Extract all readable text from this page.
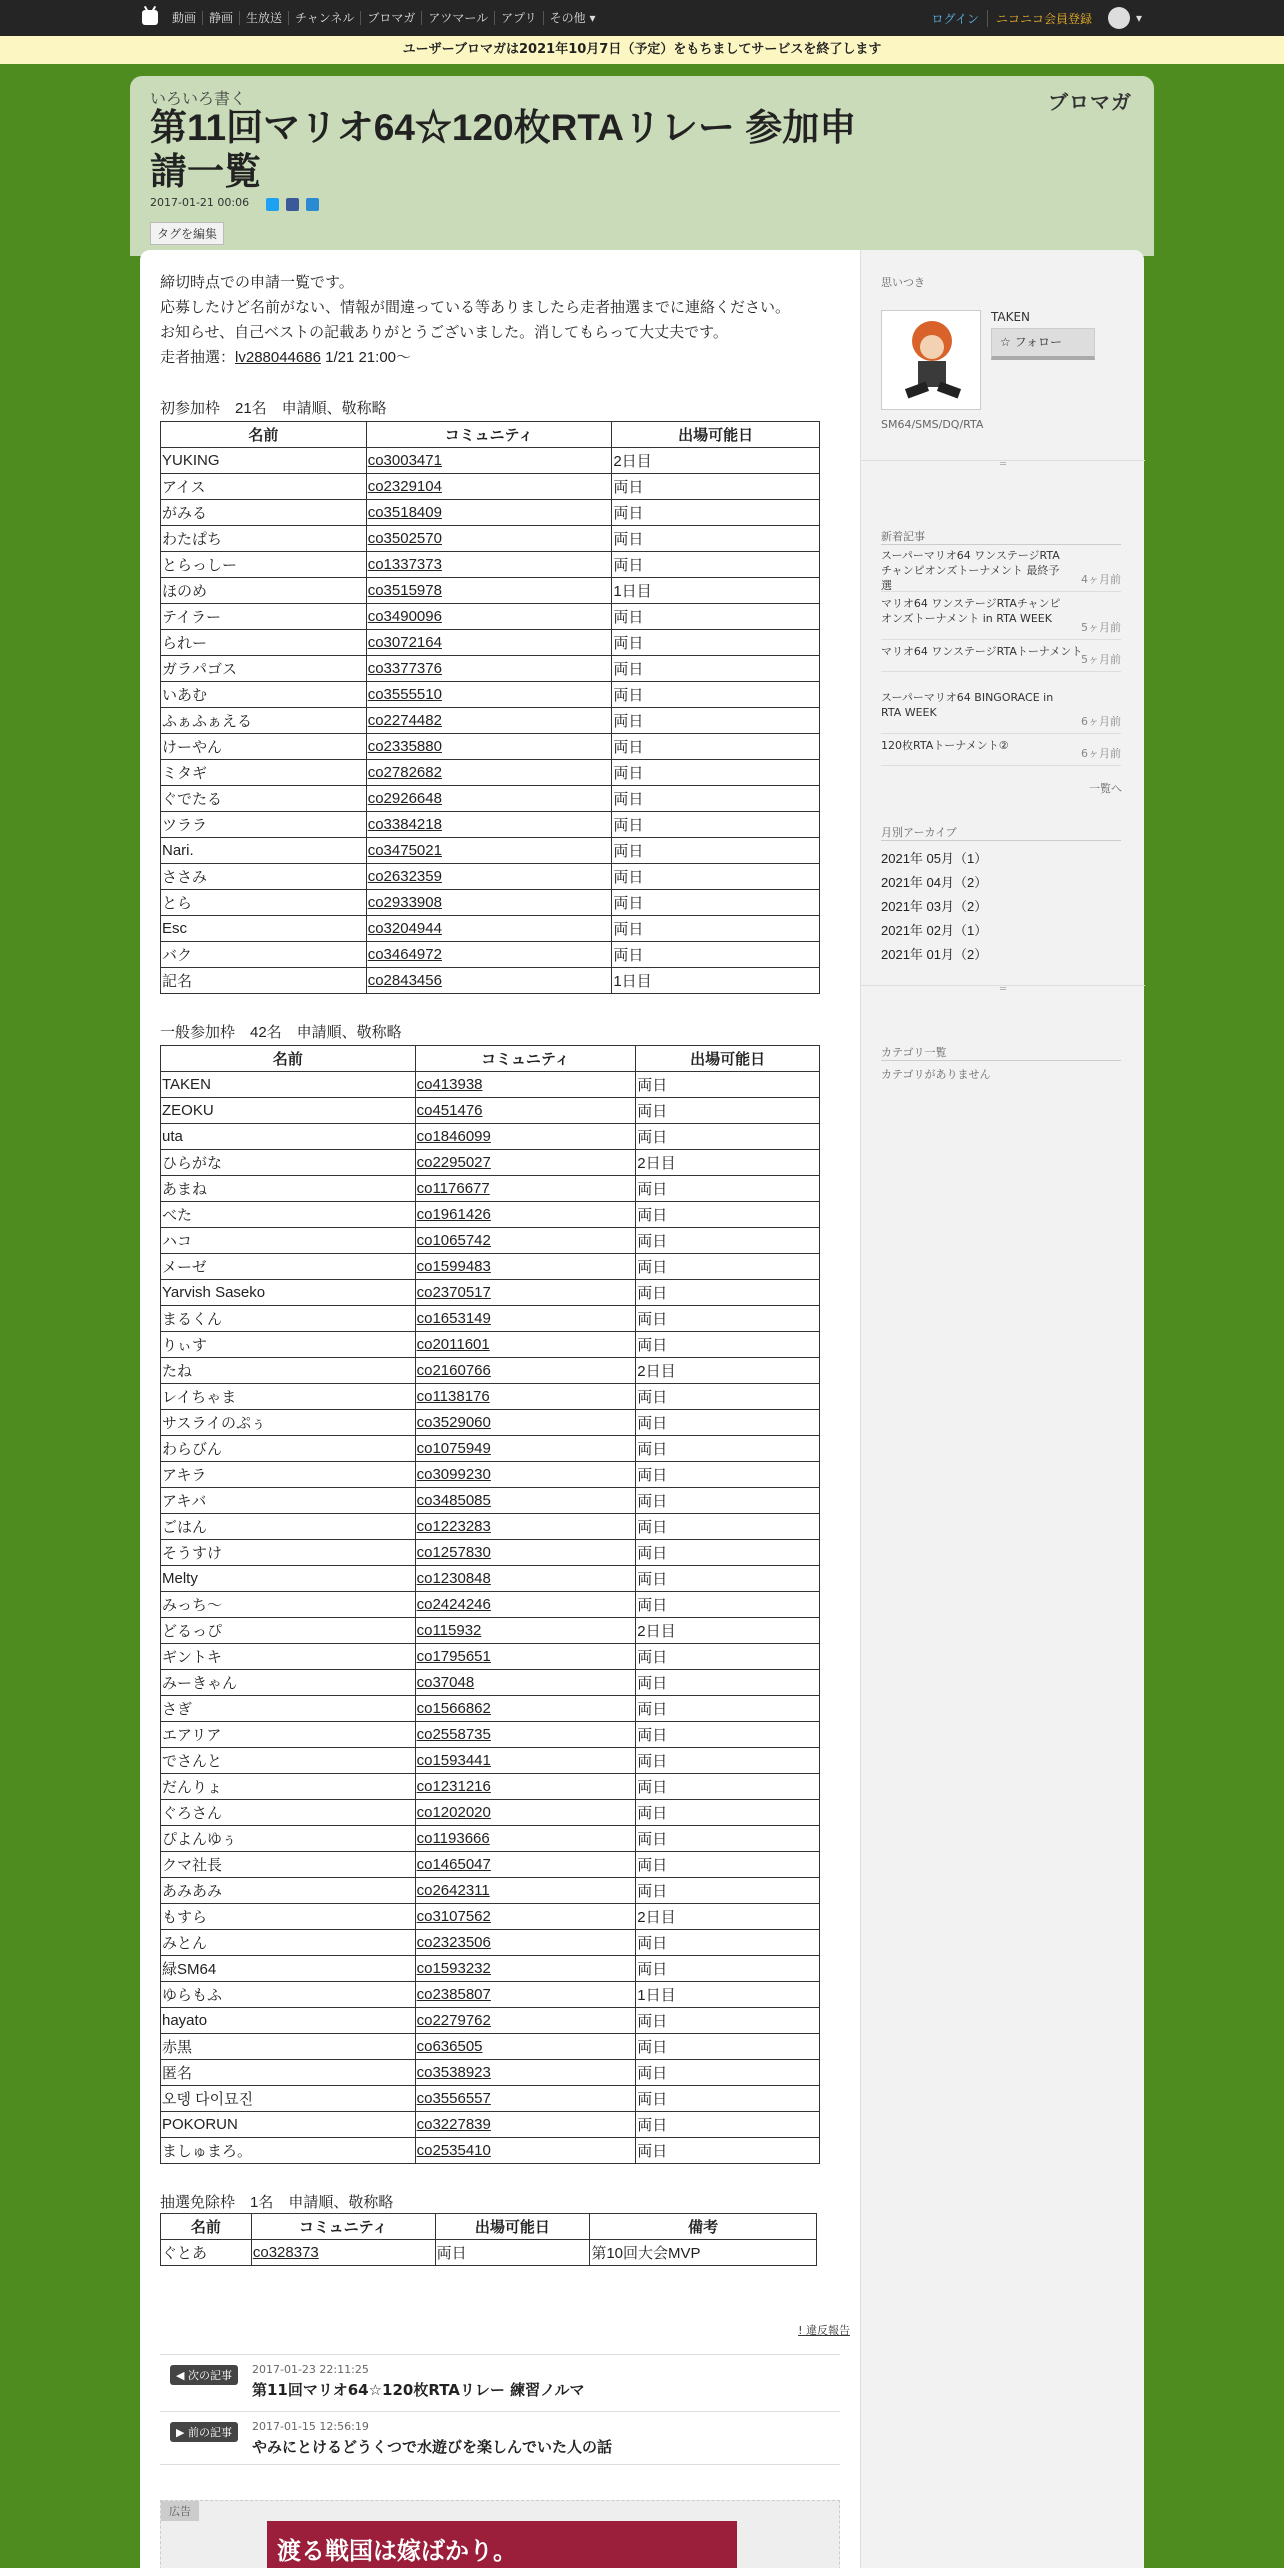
動画	静画	生放送	チャンネル	ブロマガ	アツマール	アプリ	その他 ▾	ログイン	ニコニコ会員登録	▾
ユーザーブロマガは2021年10月7日（予定）をもちましてサービスを終了します
いろいろ書く
第11回マリオ64☆120枚RTAリレー 参加申請一覧
2017-01-21 00:06
タグを編集
ブロマガ
締切時点での申請一覧です。
応募したけど名前がない、情報が間違っている等ありましたら走者抽選までに連絡ください。
お知らせ、自己ベストの記載ありがとうございました。消してもらって大丈夫です。
走者抽選：lv288044686 1/21 21:00～
初参加枠　21名　申請順、敬称略
名前	コミュニティ	出場可能日
YUKING	co3003471	2日目
アイス	co2329104	両日
がみる	co3518409	両日
わたぱち	co3502570	両日
とらっしー	co1337373	両日
ほのめ	co3515978	1日目
テイラー	co3490096	両日
られー	co3072164	両日
ガラパゴス	co3377376	両日
いあむ	co3555510	両日
ふぁふぁえる	co2274482	両日
けーやん	co2335880	両日
ミタギ	co2782682	両日
ぐでたる	co2926648	両日
ツララ	co3384218	両日
Nari.	co3475021	両日
ささみ	co2632359	両日
とら	co2933908	両日
Esc	co3204944	両日
バク	co3464972	両日
記名	co2843456	1日目
一般参加枠　42名　申請順、敬称略
名前	コミュニティ	出場可能日
TAKEN	co413938	両日
ZEOKU	co451476	両日
uta	co1846099	両日
ひらがな	co2295027	2日目
あまね	co1176677	両日
べた	co1961426	両日
ハコ	co1065742	両日
メーゼ	co1599483	両日
Yarvish Saseko	co2370517	両日
まるくん	co1653149	両日
りぃす	co2011601	両日
たね	co2160766	2日目
レイちゃま	co1138176	両日
サスライのぷぅ	co3529060	両日
わらびん	co1075949	両日
アキラ	co3099230	両日
アキバ	co3485085	両日
ごはん	co1223283	両日
そうすけ	co1257830	両日
Melty	co1230848	両日
みっち～	co2424246	両日
どるっぴ	co115932	2日目
ギントキ	co1795651	両日
みーきゃん	co37048	両日
さぎ	co1566862	両日
エアリア	co2558735	両日
でさんと	co1593441	両日
だんりょ	co1231216	両日
ぐろさん	co1202020	両日
ぴよんゆぅ	co1193666	両日
クマ社長	co1465047	両日
あみあみ	co2642311	両日
もすら	co3107562	2日目
みとん	co2323506	両日
緑SM64	co1593232	両日
ゆらもふ	co2385807	1日目
hayato	co2279762	両日
赤黒	co636505	両日
匿名	co3538923	両日
오뎅 다이묘진	co3556557	両日
POKORUN	co3227839	両日
ましゅまろ。	co2535410	両日
抽選免除枠　1名　申請順、敬称略
名前	コミュニティ	出場可能日	備考
ぐとあ	co328373	両日	第10回大会MVP
! 違反報告
◀ 次の記事	2017-01-23 22:11:25
第11回マリオ64☆120枚RTAリレー 練習ノルマ
▶ 前の記事	2017-01-15 12:56:19
やみにとけるどうくつで水遊びを楽しんでいた人の話
広告
渡る戦国は嫁ばかり。
思いつき
TAKEN
☆ フォロー
SM64/SMS/DQ/RTA
═
新着記事
スーパーマリオ64 ワンステージRTAチャンピオンズトーナメント 最終予選	4ヶ月前
マリオ64 ワンステージRTAチャンピオンズトーナメント in RTA WEEK
5ヶ月前
マリオ64 ワンステージRTAトーナメント
5ヶ月前
スーパーマリオ64 BINGORACE in RTA WEEK
6ヶ月前
120枚RTAトーナメント②
6ヶ月前
一覧へ
月別アーカイブ
2021年 05月（1）
2021年 04月（2）
2021年 03月（2）
2021年 02月（1）
2021年 01月（2）
═
カテゴリ一覧
カテゴリがありません
